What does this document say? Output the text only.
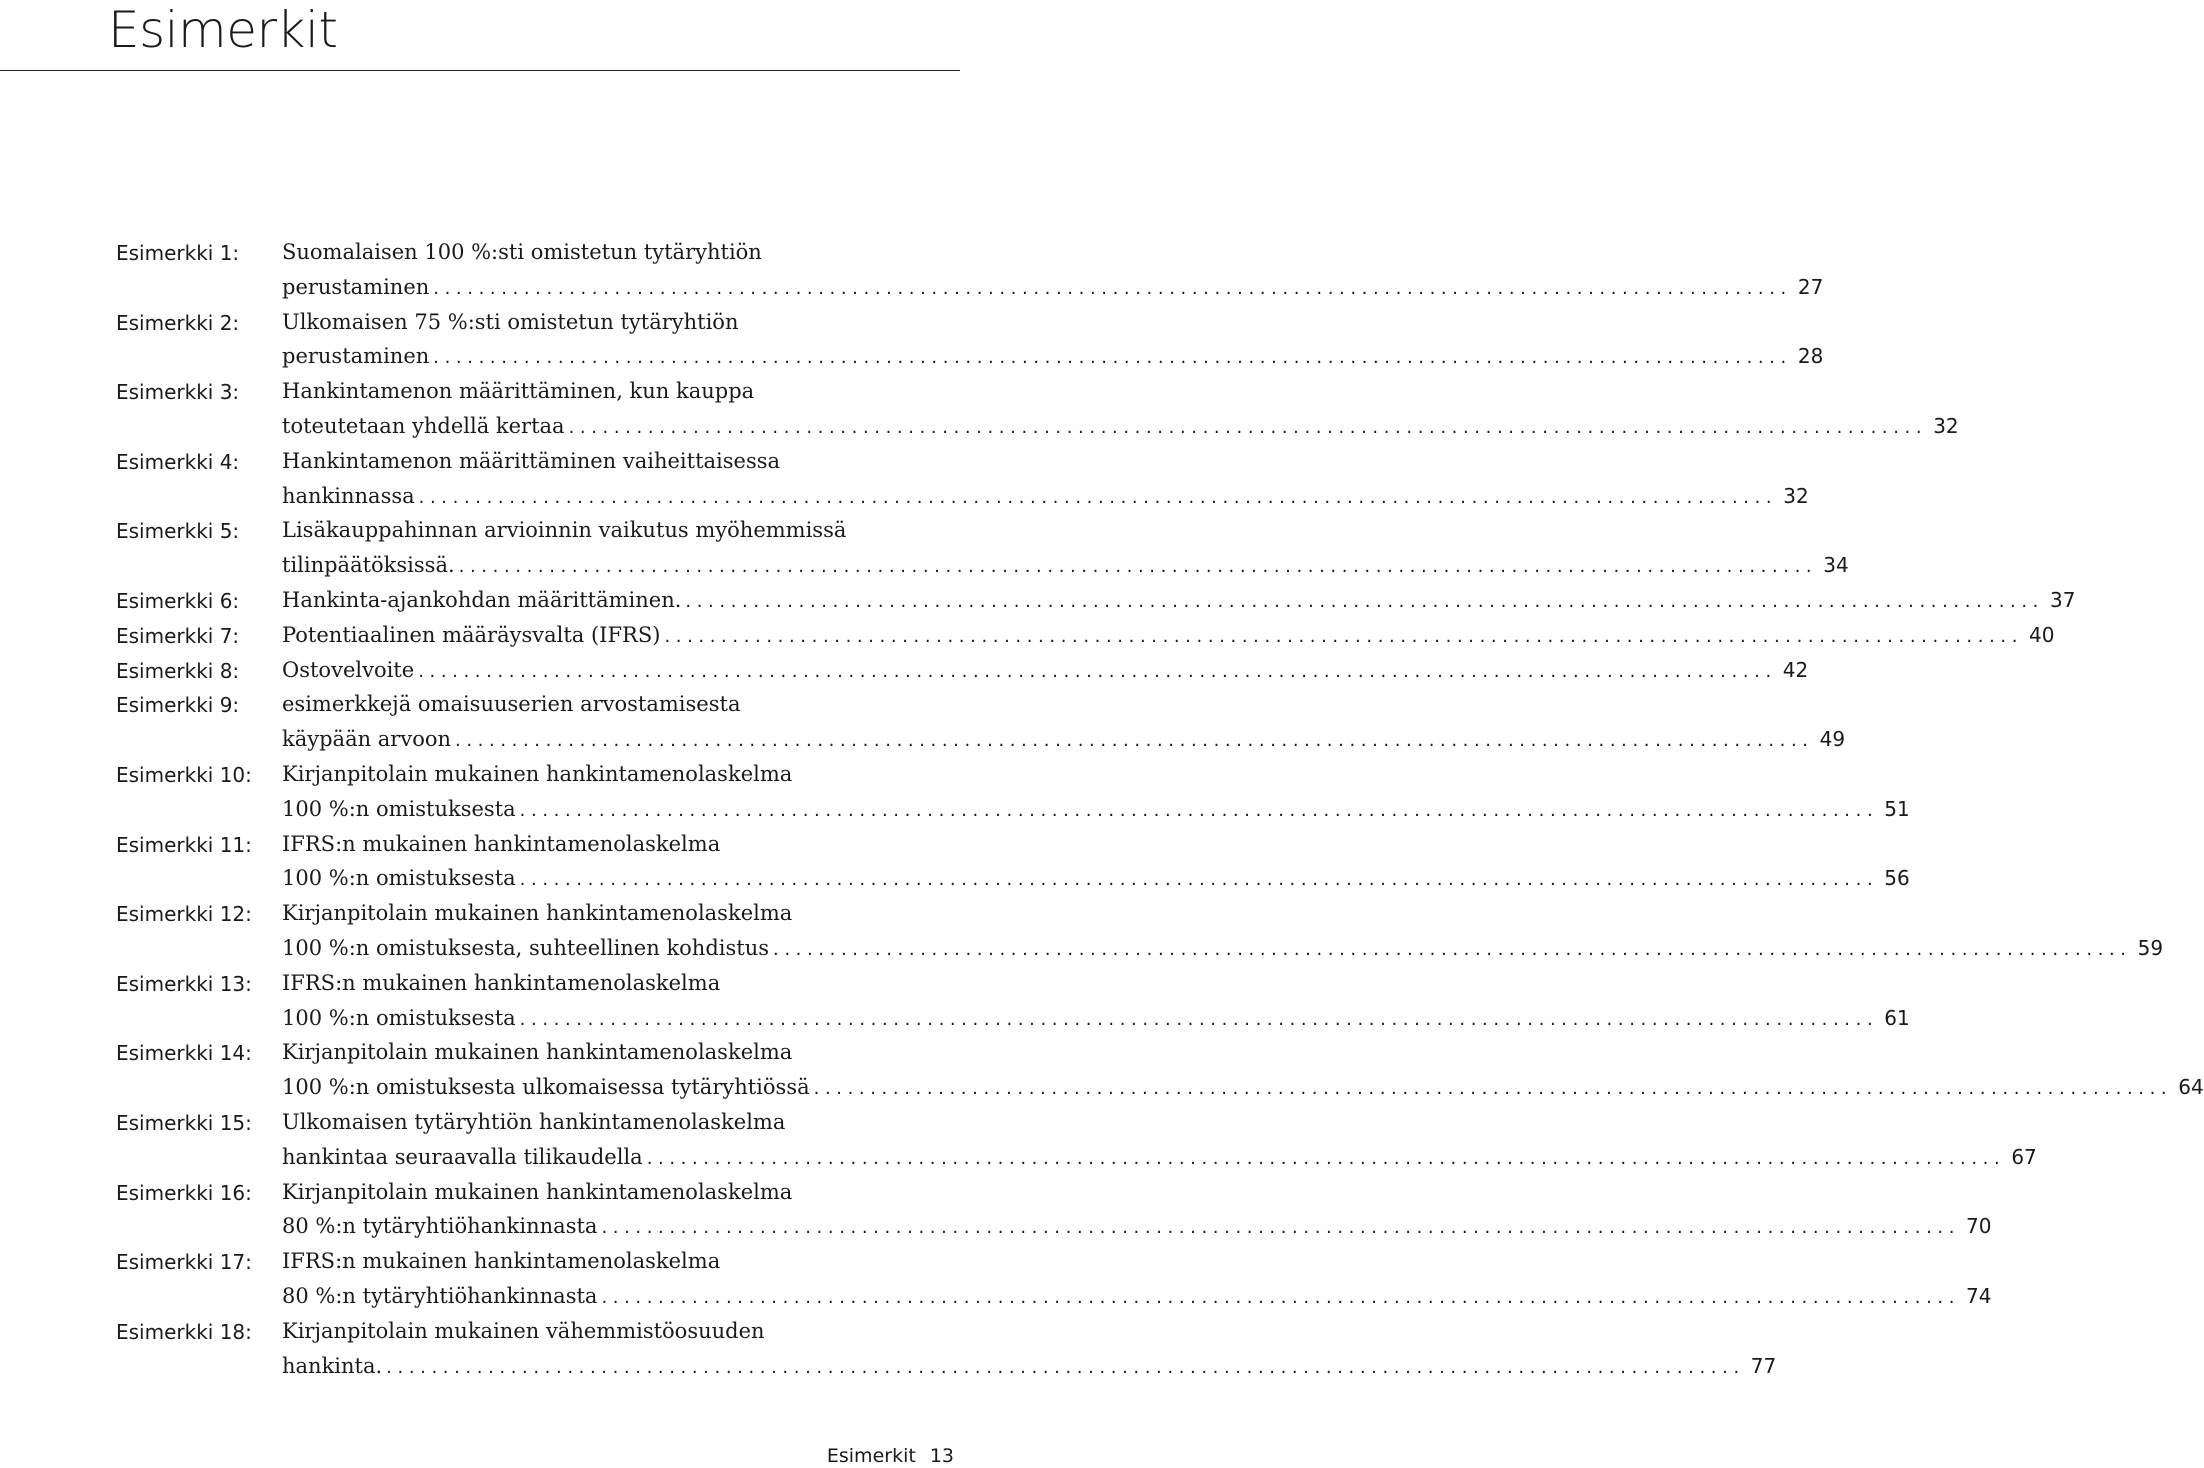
Esimerkit
Esimerkki 1: Suomalaisen 100 %:sti omistetun tytäryhtiön
perustaminen ........................................................................................................................ 27
Esimerkki 2: Ulkomaisen 75 %:sti omistetun tytäryhtiön
perustaminen ........................................................................................................................ 28
Esimerkki 3: Hankintamenon määrittäminen, kun kauppa
toteutetaan yhdellä kertaa ........................................................................................................................ 32
Esimerkki 4: Hankintamenon määrittäminen vaiheittaisessa
hankinnassa ........................................................................................................................ 32
Esimerkki 5: Lisäkauppahinnan arvioinnin vaikutus myöhemmissä
tilinpäätöksissä. ........................................................................................................................ 34
Esimerkki 6: Hankinta-ajankohdan määrittäminen. ........................................................................................................................ 37
Esimerkki 7: Potentiaalinen määräysvalta (IFRS) ........................................................................................................................ 40
Esimerkki 8: Ostovelvoite ........................................................................................................................ 42
Esimerkki 9: esimerkkejä omaisuuserien arvostamisesta
käypään arvoon ........................................................................................................................ 49
Esimerkki 10: Kirjanpitolain mukainen hankintamenolaskelma
100 %:n omistuksesta ........................................................................................................................ 51
Esimerkki 11: IFRS:n mukainen hankintamenolaskelma
100 %:n omistuksesta ........................................................................................................................ 56
Esimerkki 12: Kirjanpitolain mukainen hankintamenolaskelma
100 %:n omistuksesta, suhteellinen kohdistus ........................................................................................................................ 59
Esimerkki 13: IFRS:n mukainen hankintamenolaskelma
100 %:n omistuksesta ........................................................................................................................ 61
Esimerkki 14: Kirjanpitolain mukainen hankintamenolaskelma
100 %:n omistuksesta ulkomaisessa tytäryhtiössä ........................................................................................................................ 64
Esimerkki 15: Ulkomaisen tytäryhtiön hankintamenolaskelma
hankintaa seuraavalla tilikaudella ........................................................................................................................ 67
Esimerkki 16: Kirjanpitolain mukainen hankintamenolaskelma
80 %:n tytäryhtiöhankinnasta ........................................................................................................................ 70
Esimerkki 17: IFRS:n mukainen hankintamenolaskelma
80 %:n tytäryhtiöhankinnasta ........................................................................................................................ 74
Esimerkki 18: Kirjanpitolain mukainen vähemmistöosuuden
hankinta. ........................................................................................................................ 77
Esimerkit 13
